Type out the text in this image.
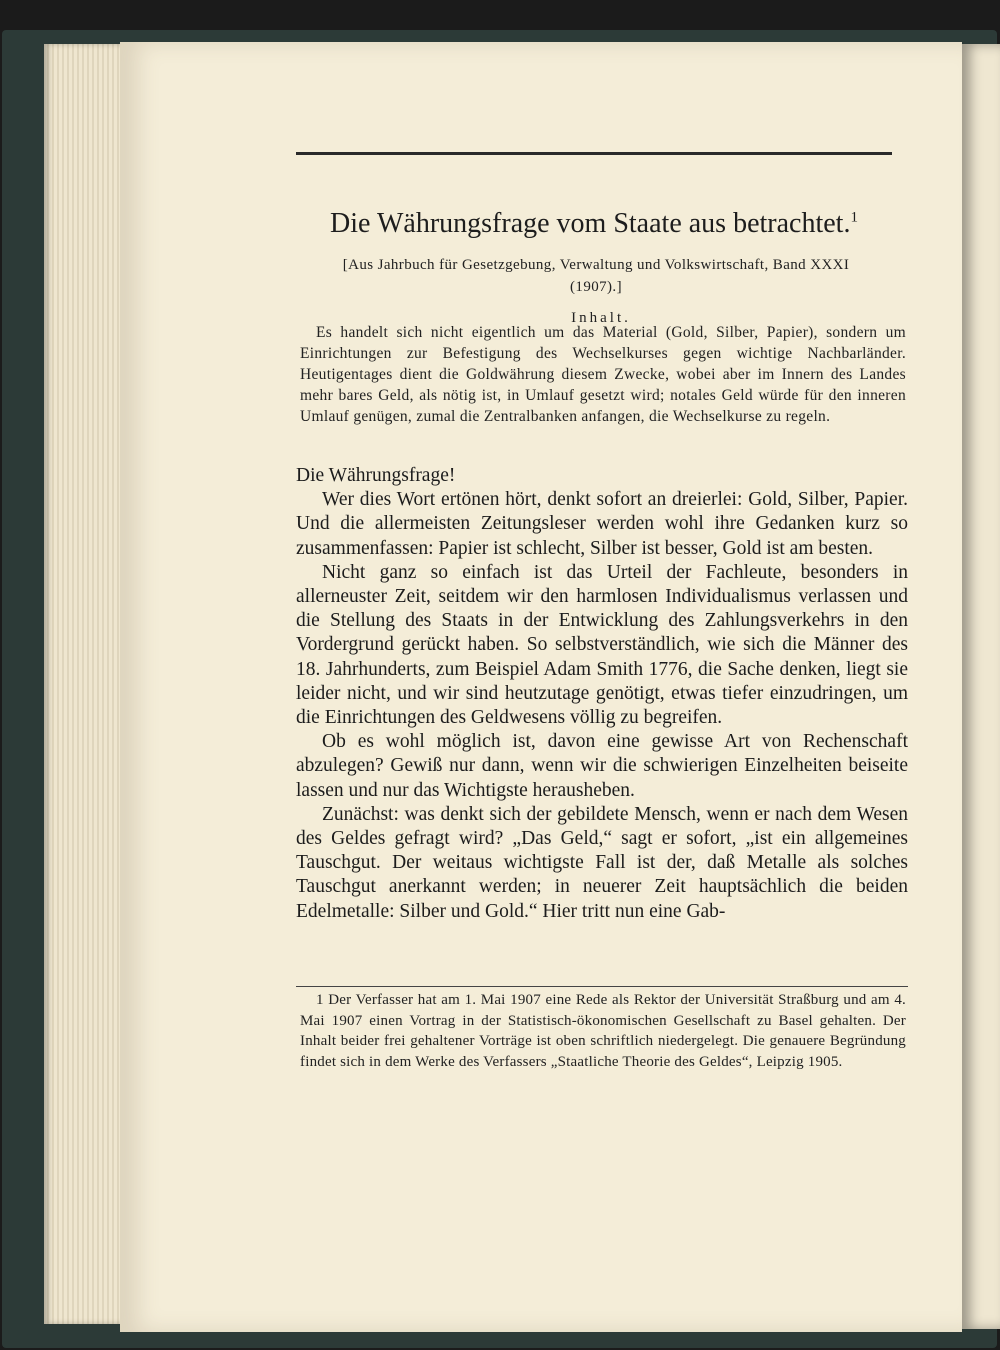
Die Währungsfrage vom Staate aus betrachtet.$^1$

[Aus Jahrbuch für Gesetzgebung, Verwaltung und Volkswirtschaft, Band XXXI
(1907).]

Inhalt.

Es handelt sich nicht eigentlich um das Material (Gold, Silber, Papier), sondern um Einrichtungen zur Befestigung des Wechselkurses gegen wichtige Nachbarländer. Heutigentages dient die Goldwährung diesem Zwecke, wobei aber im Innern des Landes mehr bares Geld, als nötig ist, in Umlauf gesetzt wird; notales Geld würde für den inneren Umlauf genügen, zumal die Zentralbanken anfangen, die Wechselkurse zu regeln.

Die Währungsfrage!

Wer dies Wort ertönen hört, denkt sofort an dreierlei: Gold, Silber, Papier. Und die allermeisten Zeitungsleser werden wohl ihre Gedanken kurz so zusammenfassen: Papier ist schlecht, Silber ist besser, Gold ist am besten.

Nicht ganz so einfach ist das Urteil der Fachleute, besonders in allerneuster Zeit, seitdem wir den harmlosen Individualismus verlassen und die Stellung des Staats in der Entwicklung des Zahlungsverkehrs in den Vordergrund gerückt haben. So selbstverständlich, wie sich die Männer des 18. Jahrhunderts, zum Beispiel Adam Smith 1776, die Sache denken, liegt sie leider nicht, und wir sind heutzutage genötigt, etwas tiefer einzudringen, um die Einrichtungen des Geldwesens völlig zu begreifen.

Ob es wohl möglich ist, davon eine gewisse Art von Rechenschaft abzulegen? Gewiß nur dann, wenn wir die schwierigen Einzelheiten beiseite lassen und nur das Wichtigste herausheben.

Zunächst: was denkt sich der gebildete Mensch, wenn er nach dem Wesen des Geldes gefragt wird? „Das Geld,“ sagt er sofort, „ist ein allgemeines Tauschgut. Der weitaus wichtigste Fall ist der, daß Metalle als solches Tauschgut anerkannt werden; in neuerer Zeit hauptsächlich die beiden Edelmetalle: Silber und Gold.“ Hier tritt nun eine Gab-

1 Der Verfasser hat am 1. Mai 1907 eine Rede als Rektor der Universität Straßburg und am 4. Mai 1907 einen Vortrag in der Statistisch-ökonomischen Gesellschaft zu Basel gehalten. Der Inhalt beider frei gehaltener Vorträge ist oben schriftlich niedergelegt. Die genauere Begründung findet sich in dem Werke des Verfassers „Staatliche Theorie des Geldes“, Leipzig 1905.
